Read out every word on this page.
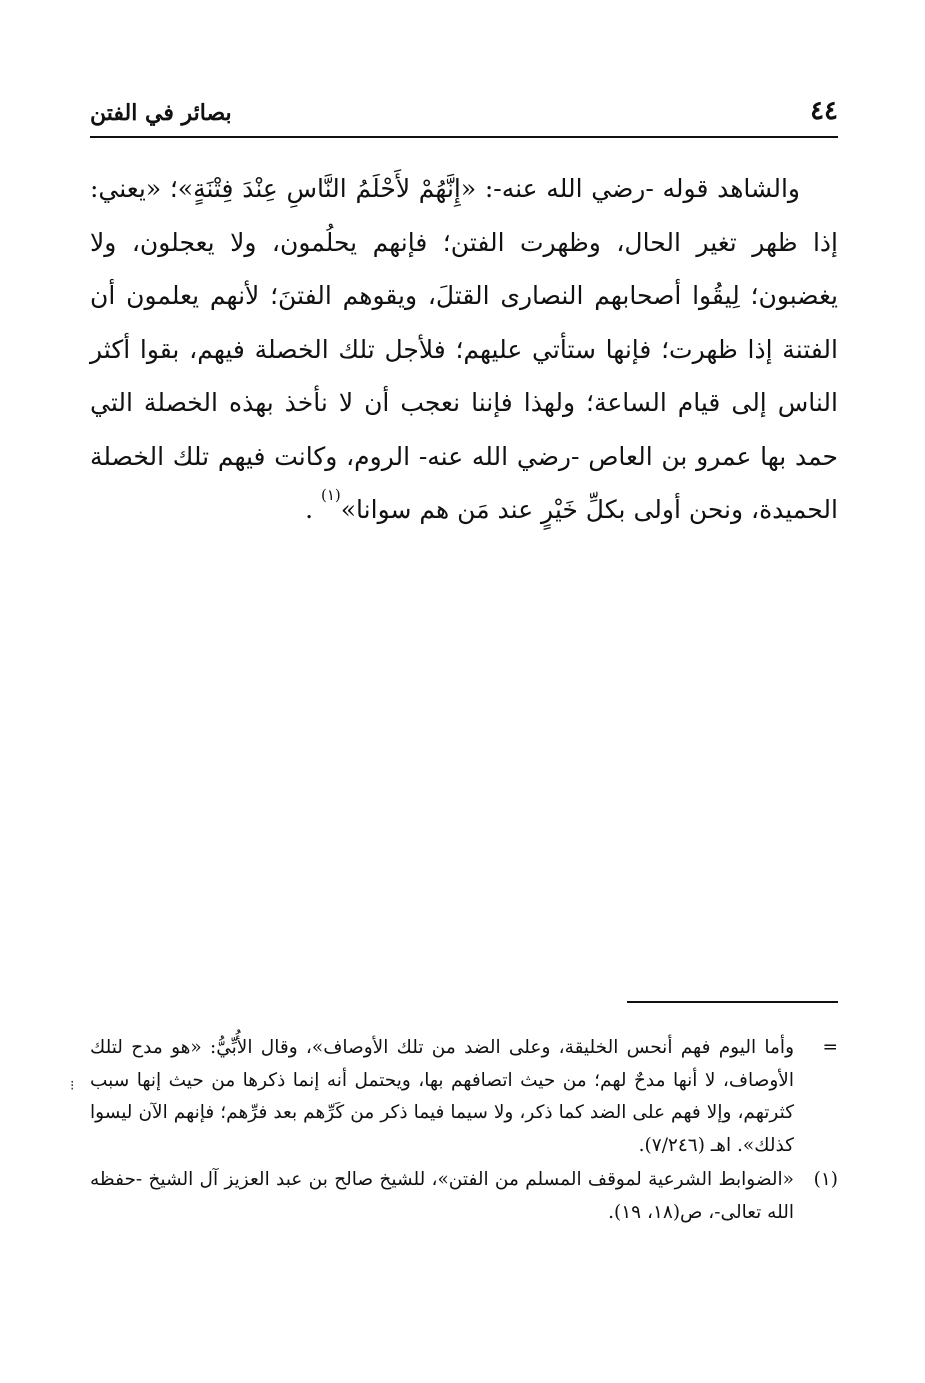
٤٤
بصائر في الفتن

والشاهد قوله -رضي الله عنه-: «إِنَّهُمْ لأَحْلَمُ النَّاسِ عِنْدَ فِتْنَةٍ»؛ «يعني: إذا ظهر تغير الحال، وظهرت الفتن؛ فإنهم يحلُمون، ولا يعجلون، ولا يغضبون؛ لِيقُوا أصحابهم النصارى القتلَ، ويقوهم الفتنَ؛ لأنهم يعلمون أن الفتنة إذا ظهرت؛ فإنها ستأتي عليهم؛ فلأجل تلك الخصلة فيهم، بقوا أكثر الناس إلى قيام الساعة؛ ولهذا فإننا نعجب أن لا نأخذ بهذه الخصلة التي حمد بها عمرو بن العاص -رضي الله عنه- الروم، وكانت فيهم تلك الخصلة الحميدة، ونحن أولى بكلِّ خَيْرٍ عند مَن هم سوانا»$^{(١)}$ .

=
وأما اليوم فهم أنحس الخليقة، وعلى الضد من تلك الأوصاف»، وقال الأُبِّيُّ: «هو مدح لتلك الأوصاف، لا أنها مدحٌ لهم؛ من حيث اتصافهم بها، ويحتمل أنه إنما ذكرها من حيث إنها سبب كثرتهم، وإلا فهم على الضد كما ذكر، ولا سيما فيما ذكر من كَرِّهم بعد فرِّهم؛ فإنهم الآن ليسوا كذلك». اهـ (٧/٢٤٦).
(١)
«الضوابط الشرعية لموقف المسلم من الفتن»، للشيخ صالح بن عبد العزيز آل الشيخ -حفظه الله تعالى-، ص(١٨، ١٩).
⁝
